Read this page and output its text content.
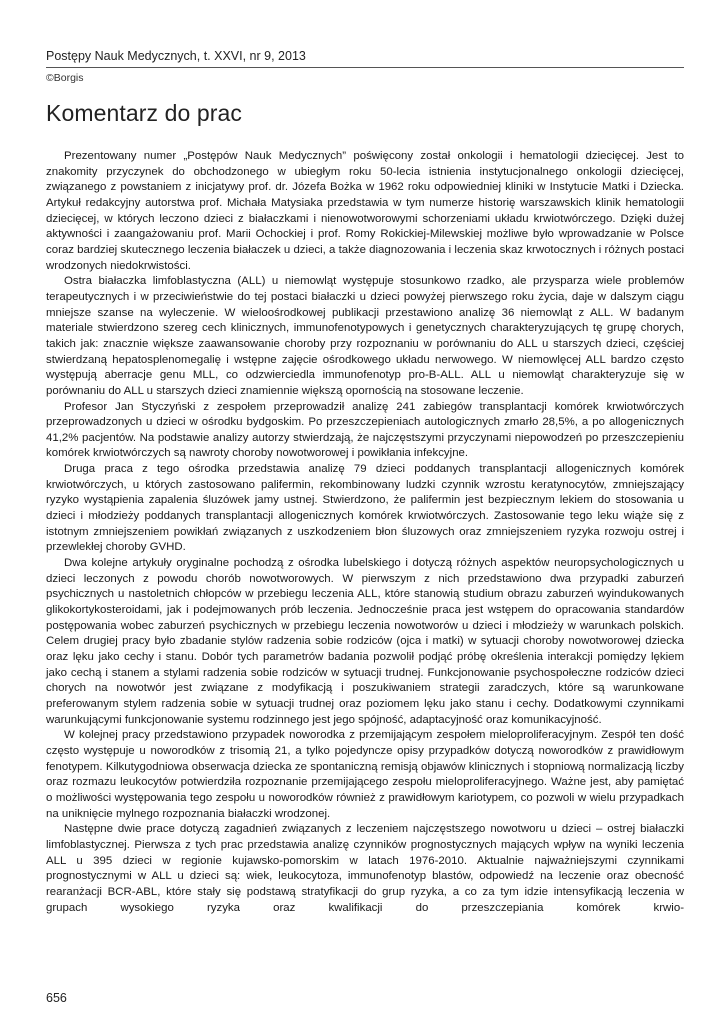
Postępy Nauk Medycznych, t. XXVI, nr 9, 2013
©Borgis
Komentarz do prac

Prezentowany numer „Postępów Nauk Medycznych” poświęcony został onkologii i hematologii dziecięcej. Jest to znakomity przyczynek do obchodzonego w ubiegłym roku 50-lecia istnienia instytucjonalnego onkologii dziecięcej, związanego z powstaniem z inicjatywy prof. dr. Józefa Bożka w 1962 roku odpowiedniej kliniki w Instytucie Matki i Dziecka. Artykuł redakcyjny autorstwa prof. Michała Matysiaka przedstawia w tym numerze historię warszawskich klinik hematologii dziecięcej, w których leczono dzieci z białaczkami i nienowotworowymi schorzeniami układu krwiotwórczego. Dzięki dużej aktywności i zaangażowaniu prof. Marii Ochockiej i prof. Romy Rokickiej-Milewskiej możliwe było wprowadzanie w Polsce coraz bardziej skutecznego leczenia białaczek u dzieci, a także diagnozowania i leczenia skaz krwotocznych i różnych postaci wrodzonych niedokrwistości.

Ostra białaczka limfoblastyczna (ALL) u niemowląt występuje stosunkowo rzadko, ale przysparza wiele problemów terapeutycznych i w przeciwieństwie do tej postaci białaczki u dzieci powyżej pierwszego roku życia, daje w dalszym ciągu mniejsze szanse na wyleczenie. W wieloośrodkowej publikacji przestawiono analizę 36 niemowląt z ALL. W badanym materiale stwierdzono szereg cech klinicznych, immunofenotypowych i genetycznych charakteryzujących tę grupę chorych, takich jak: znacznie większe zaawansowanie choroby przy rozpoznaniu w porównaniu do ALL u starszych dzieci, częściej stwierdzaną hepatosplenomegalię i wstępne zajęcie ośrodkowego układu nerwowego. W niemowlęcej ALL bardzo często występują aberracje genu MLL, co odzwierciedla immunofenotyp pro-B-ALL. ALL u niemowląt charakteryzuje się w porównaniu do ALL u starszych dzieci znamiennie większą opornością na stosowane leczenie.

Profesor Jan Styczyński z zespołem przeprowadził analizę 241 zabiegów transplantacji komórek krwiotwórczych przeprowadzonych u dzieci w ośrodku bydgoskim. Po przeszczepieniach autologicznych zmarło 28,5%, a po allogenicznych 41,2% pacjentów. Na podstawie analizy autorzy stwierdzają, że najczęstszymi przyczynami niepowodzeń po przeszczepieniu komórek krwiotwórczych są nawroty choroby nowotworowej i powikłania infekcyjne.

Druga praca z tego ośrodka przedstawia analizę 79 dzieci poddanych transplantacji allogenicznych komórek krwiotwórczych, u których zastosowano palifermin, rekombinowany ludzki czynnik wzrostu keratynocytów, zmniejszający ryzyko wystąpienia zapalenia śluzówek jamy ustnej. Stwierdzono, że palifermin jest bezpiecznym lekiem do stosowania u dzieci i młodzieży poddanych transplantacji allogenicznych komórek krwiotwórczych. Zastosowanie tego leku wiąże się z istotnym zmniejszeniem powikłań związanych z uszkodzeniem błon śluzowych oraz zmniejszeniem ryzyka rozwoju ostrej i przewlekłej choroby GVHD.

Dwa kolejne artykuły oryginalne pochodzą z ośrodka lubelskiego i dotyczą różnych aspektów neuropsychologicznych u dzieci leczonych z powodu chorób nowotworowych. W pierwszym z nich przedstawiono dwa przypadki zaburzeń psychicznych u nastoletnich chłopców w przebiegu leczenia ALL, które stanowią studium obrazu zaburzeń wyindukowanych glikokortykosteroidami, jak i podejmowanych prób leczenia. Jednocześnie praca jest wstępem do opracowania standardów postępowania wobec zaburzeń psychicznych w przebiegu leczenia nowotworów u dzieci i młodzieży w warunkach polskich. Celem drugiej pracy było zbadanie stylów radzenia sobie rodziców (ojca i matki) w sytuacji choroby nowotworowej dziecka oraz lęku jako cechy i stanu. Dobór tych parametrów badania pozwolił podjąć próbę określenia interakcji pomiędzy lękiem jako cechą i stanem a stylami radzenia sobie rodziców w sytuacji trudnej. Funkcjonowanie psychospołeczne rodziców dzieci chorych na nowotwór jest związane z modyfikacją i poszukiwaniem strategii zaradczych, które są warunkowane preferowanym stylem radzenia sobie w sytuacji trudnej oraz poziomem lęku jako stanu i cechy. Dodatkowymi czynnikami warunkującymi funkcjonowanie systemu rodzinnego jest jego spójność, adaptacyjność oraz komunikacyjność.

W kolejnej pracy przedstawiono przypadek noworodka z przemijającym zespołem mieloproliferacyjnym. Zespół ten dość często występuje u noworodków z trisomią 21, a tylko pojedyncze opisy przypadków dotyczą noworodków z prawidłowym fenotypem. Kilkutygodniowa obserwacja dziecka ze spontaniczną remisją objawów klinicznych i stopniową normalizacją liczby oraz rozmazu leukocytów potwierdziła rozpoznanie przemijającego zespołu mieloproliferacyjnego. Ważne jest, aby pamiętać o możliwości występowania tego zespołu u noworodków również z prawidłowym kariotypem, co pozwoli w wielu przypadkach na uniknięcie mylnego rozpoznania białaczki wrodzonej.

Następne dwie prace dotyczą zagadnień związanych z leczeniem najczęstszego nowotworu u dzieci – ostrej białaczki limfoblastycznej. Pierwsza z tych prac przedstawia analizę czynników prognostycznych mających wpływ na wyniki leczenia ALL u 395 dzieci w regionie kujawsko-pomorskim w latach 1976-2010. Aktualnie najważniejszymi czynnikami prognostycznymi w ALL u dzieci są: wiek, leukocytoza, immunofenotyp blastów, odpowiedź na leczenie oraz obecność rearanżacji BCR-ABL, które stały się podstawą stratyfikacji do grup ryzyka, a co za tym idzie intensyfikacją leczenia w grupach wysokiego ryzyka oraz kwalifikacji do przeszczepiania komórek krwio-

656
